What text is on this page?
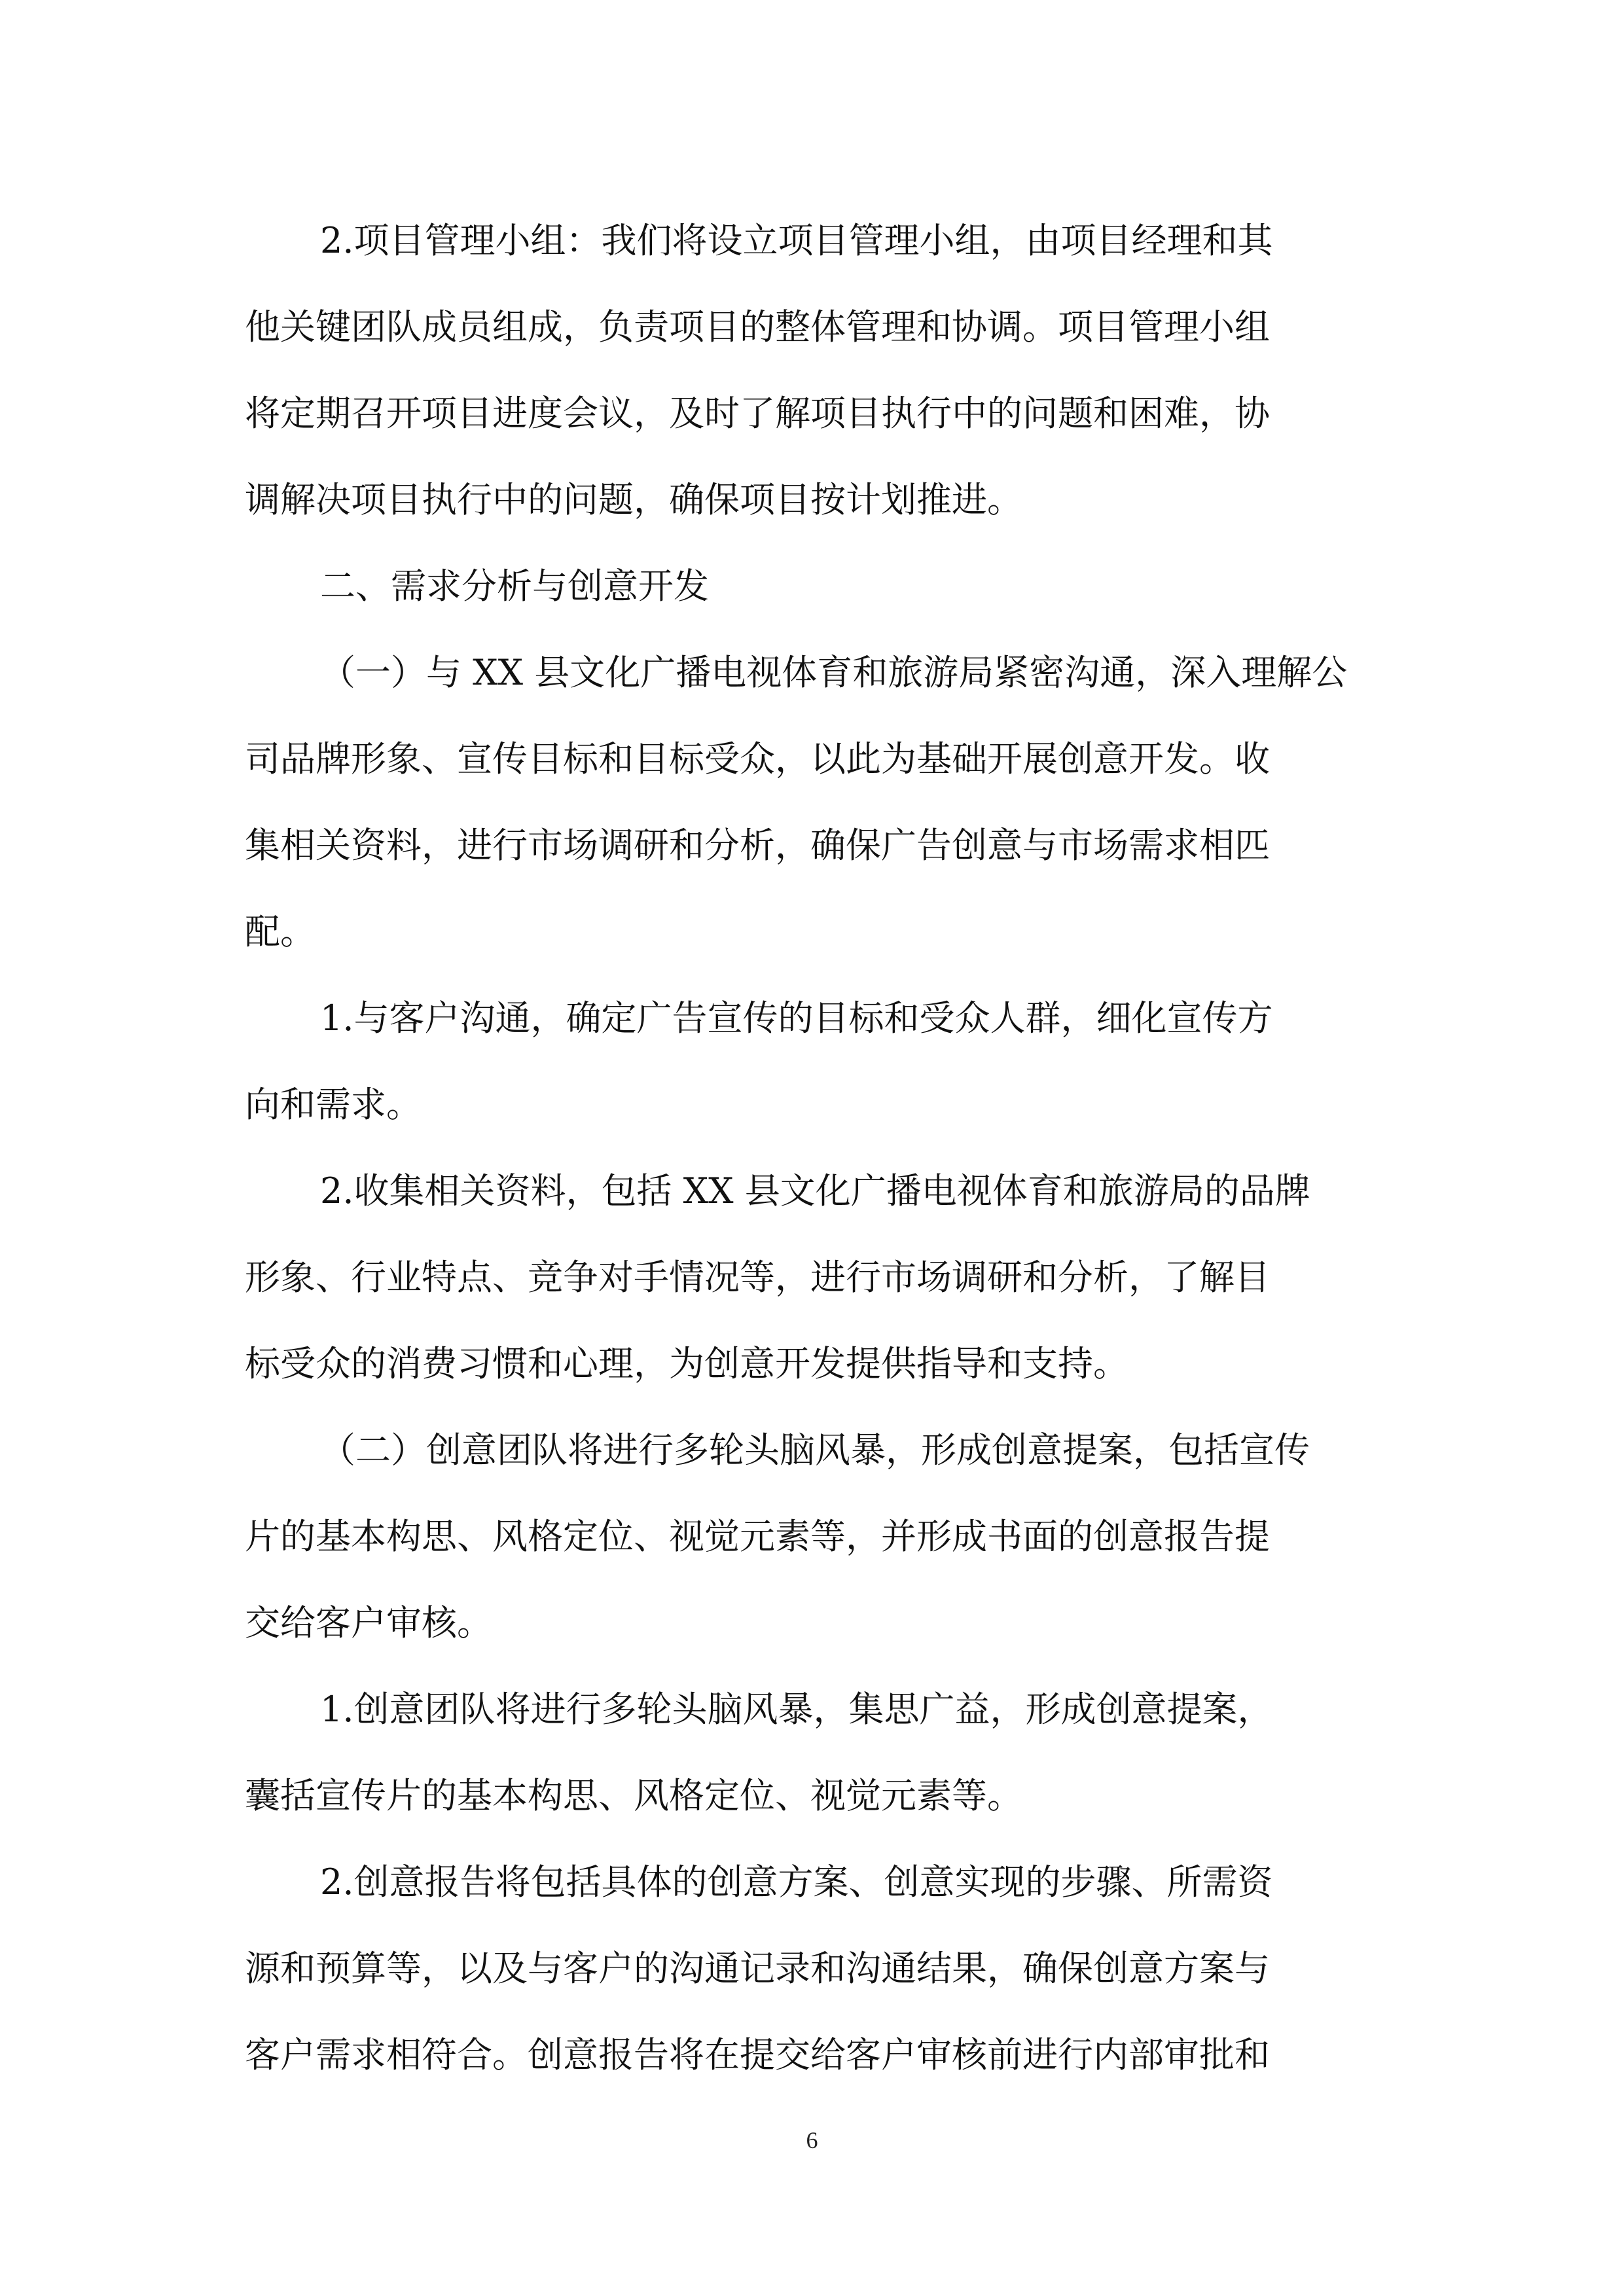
2.项目管理小组：我们将设立项目管理小组，由项目经理和其
他关键团队成员组成，负责项目的整体管理和协调。项目管理小组
将定期召开项目进度会议，及时了解项目执行中的问题和困难，协
调解决项目执行中的问题，确保项目按计划推进。
二、需求分析与创意开发
（一）与 XX 县文化广播电视体育和旅游局紧密沟通，深入理解公
司品牌形象、宣传目标和目标受众，以此为基础开展创意开发。收
集相关资料，进行市场调研和分析，确保广告创意与市场需求相匹
配。
1.与客户沟通，确定广告宣传的目标和受众人群，细化宣传方
向和需求。
2.收集相关资料，包括 XX 县文化广播电视体育和旅游局的品牌
形象、行业特点、竞争对手情况等，进行市场调研和分析，了解目
标受众的消费习惯和心理，为创意开发提供指导和支持。
（二）创意团队将进行多轮头脑风暴，形成创意提案，包括宣传
片的基本构思、风格定位、视觉元素等，并形成书面的创意报告提
交给客户审核。
1.创意团队将进行多轮头脑风暴，集思广益，形成创意提案，
囊括宣传片的基本构思、风格定位、视觉元素等。
2.创意报告将包括具体的创意方案、创意实现的步骤、所需资
源和预算等，以及与客户的沟通记录和沟通结果，确保创意方案与
客户需求相符合。创意报告将在提交给客户审核前进行内部审批和
6
